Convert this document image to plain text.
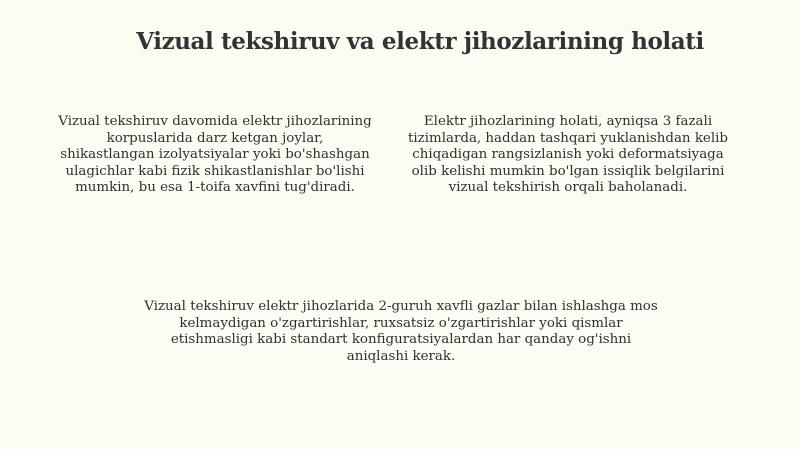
Vizual tekshiruv va elektr jihozlarining holati

Vizual tekshiruv davomida elektr jihozlarining korpuslarida darz ketgan joylar, shikastlangan izolyatsiyalar yoki bo'shashgan ulagichlar kabi fizik shikastlanishlar bo'lishi mumkin, bu esa 1-toifa xavfini tug'diradi.

Elektr jihozlarining holati, ayniqsa 3 fazali tizimlarda, haddan tashqari yuklanishdan kelib chiqadigan rangsizlanish yoki deformatsiyaga olib kelishi mumkin bo'lgan issiqlik belgilarini vizual tekshirish orqali baholanadi.

Vizual tekshiruv elektr jihozlarida 2-guruh xavfli gazlar bilan ishlashga mos kelmaydigan o'zgartirishlar, ruxsatsiz o'zgartirishlar yoki qismlar etishmasligi kabi standart konfiguratsiyalardan har qanday og'ishni aniqlashi kerak.
